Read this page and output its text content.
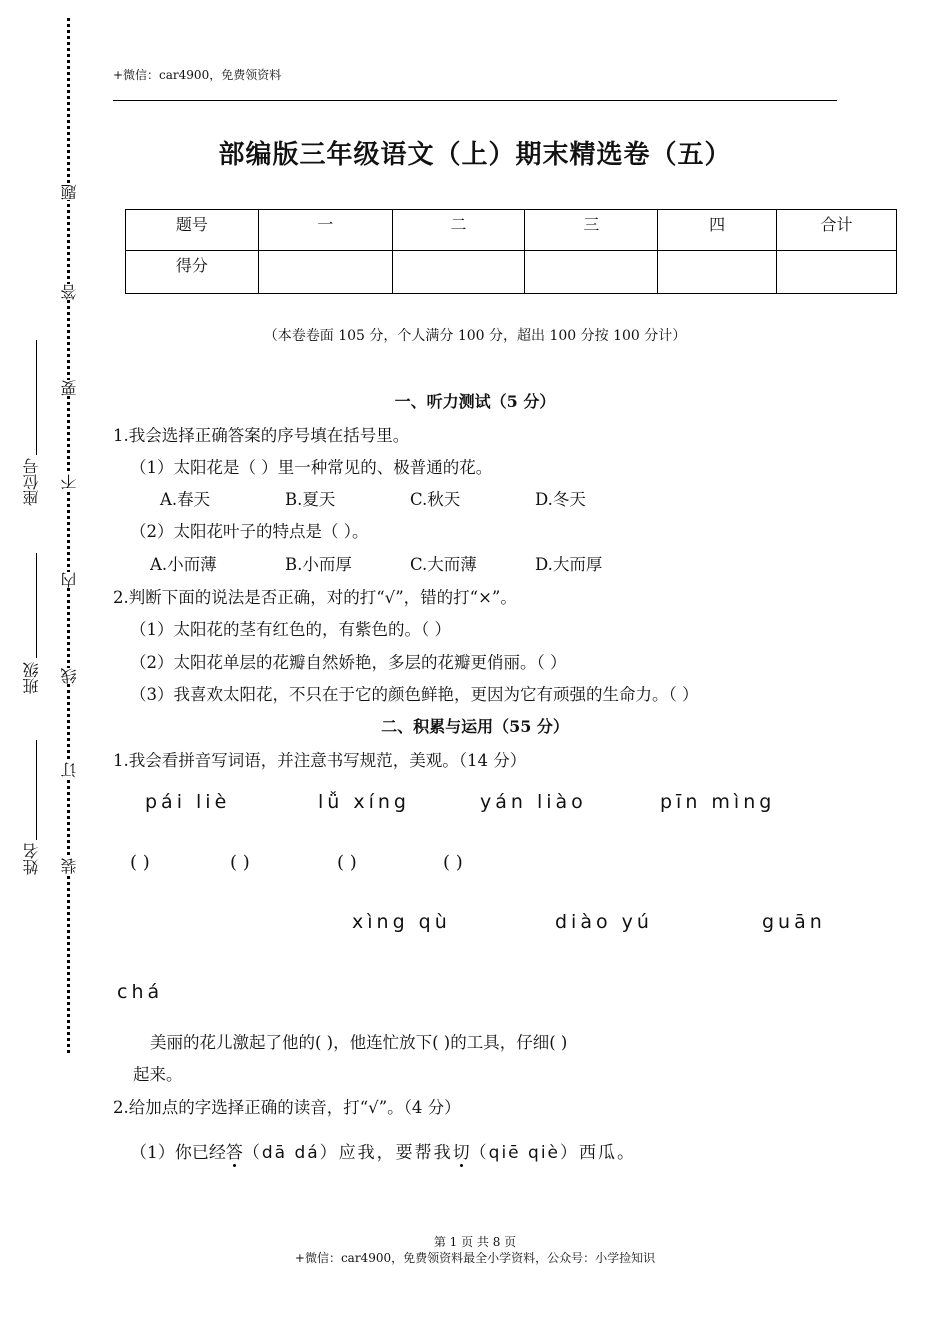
题
答
要
不
内
线
订
装
座位号
班级
姓名
+微信：car4900，免费领资料
部编版三年级语文（上）期末精选卷（五）
题号	一	二	三	四	合计
得分					
（本卷卷面 105 分，个人满分 100 分，超出 100 分按 100 分计）
一、听力测试（5 分）
1.我会选择正确答案的序号填在括号里。
（1）太阳花是（ ）里一种常见的、极普通的花。
A.春天	B.夏天	C.秋天	D.冬天
（2）太阳花叶子的特点是（ ）。
A.小而薄	B.小而厚	C.大而薄	D.大而厚
2.判断下面的说法是否正确，对的打“√”，错的打“×”。
（1）太阳花的茎有红色的，有紫色的。（ ）
（2）太阳花单层的花瓣自然娇艳，多层的花瓣更俏丽。（ ）
（3）我喜欢太阳花，不只在于它的颜色鲜艳，更因为它有顽强的生命力。（ ）
二、积累与运用（55 分）
1.我会看拼音写词语，并注意书写规范，美观。（14 分）
pái liè	lǚ xíng	yán liào	pīn mìng
( )	( )	( )	( )
xìng qù	diào yú	guān
chá
美丽的花儿激起了他的( )，他连忙放下( )的工具，仔细( )
起来。
2.给加点的字选择正确的读音，打“√”。（4 分）
（1）你已经答（dā dá）应我，要帮我切（qiē qiè）西瓜。
第 1 页 共 8 页
+微信：car4900，免费领资料最全小学资料，公众号：小学捡知识
